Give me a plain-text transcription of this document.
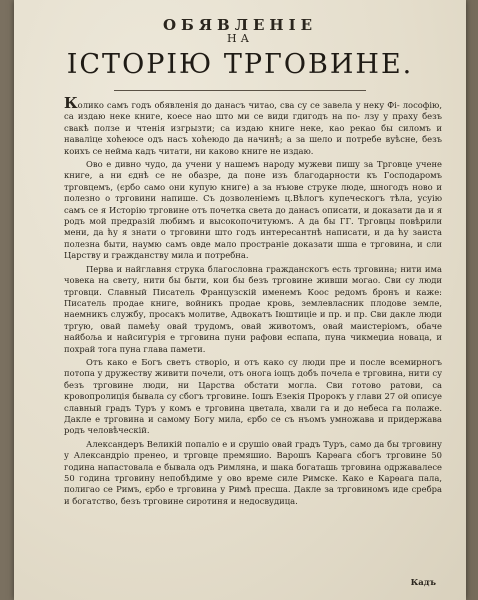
ОБЯВЛЕНІЕ
НА
ІСТОРІЮ ТРГОВИНЕ.

Колико самъ годъ обявленія до данасъ читао, сва су се завела у неку Фі- лософію, са издаю неке книге, коесе нао што ми се види гдигодъ на по- лзу у праху безъ свакѣ ползе и чтенія изгрызти; са издаю книге неке, као рекао бы силомъ и наваліце хоћеюсе одъ насъ хоћеюдо да начинѣ; а за шело и потребе вуѣсне, безъ коихъ се нейма кадъ читати, ни каково книге не издаю.

Ово е дивно чудо, да учени у нашемъ народу мужеви пишу за Трговце учене книге, а ни єднѣ се не обазре, да поне изъ благодарности къ Господаромъ трговцемъ, (єрбо само они купую книге) а за нъюве струке людe, шногодъ ново и полезно о трговини напише. Съ дозволеніемъ ц.Вѣлогъ купеческогъ тѣла, усуію самъ се я Исторію трговине отъ почетка света до данасъ описати, и доказати да и я родъ мой предразій любимъ и высокопочитуюмъ. А да бы ГГ. Трговцы повѣрили мени, да ћу я знати о трговини што годъ интересантнѣ написати, и да ћу заиста полезна быти, наумю самъ овде мало пространіе доказати шша е трговина, и сли Царству и гражданству мила и потребна.

Перва и найглавня струка благословна гражданскогъ есть трговина; нити има човека на свету, нити бы быти, кои бы безъ трговине живши могао. Сви су люди трговци. Славный Писатель Французскій именемъ Коос редомъ бронъ и каже: Писатель продае книге, войникъ продае кровь, землевласник плодове земле, наемникъ службу, просакъ молитве, Адвокатъ Іюштиціе и пр. и пр. Сви дакле люди тргую, овай памеѣу овай трудомъ, овай животомъ, овай маистеріомъ, обаче найбоља и найсигурія е трговина пуни рафови еспапа, пуна чикмеџиа новаца, и похрай тога пуна глава памети.

Отъ како е Богъ светъ створіо, и отъ како су люди пре и после всемирногъ потопа у дружеству живити почели, отъ онога іощъ добъ почела е трговина, нити су безъ трговине люди, ни Царства обстати могла. Сви готово ратови, са кровопролиція бывала су сбогъ трговине. Іошъ Езекія Пророкъ у глави 27 ой описуе славный градъ Туръ у комъ е трговина цветала, хвали га и до небеса га полаже. Дакле е трговина и самому Богу мила, єрбо се съ нъомъ умножава и придержава родъ человѣческій.

Александеръ Великій попаліо е и срушіо овай градъ Туръ, само да бы трговину у Александріо пренео, и трговце премяшио. Варошъ Карѳага сбогъ трговине 50 година напастовала е бывала одъ Римляна, и шака богаташь трговина одржавалесе 50 година трговину непобѣдиме у ово време силе Римске. Како е Карѳага пала, полигао се Римъ, єрбо е трговина у Римѣ пресша. Дакле за трговиномъ иде сребра и богатство, безъ трговине сиротиня и недосвудица.

Кадъ
